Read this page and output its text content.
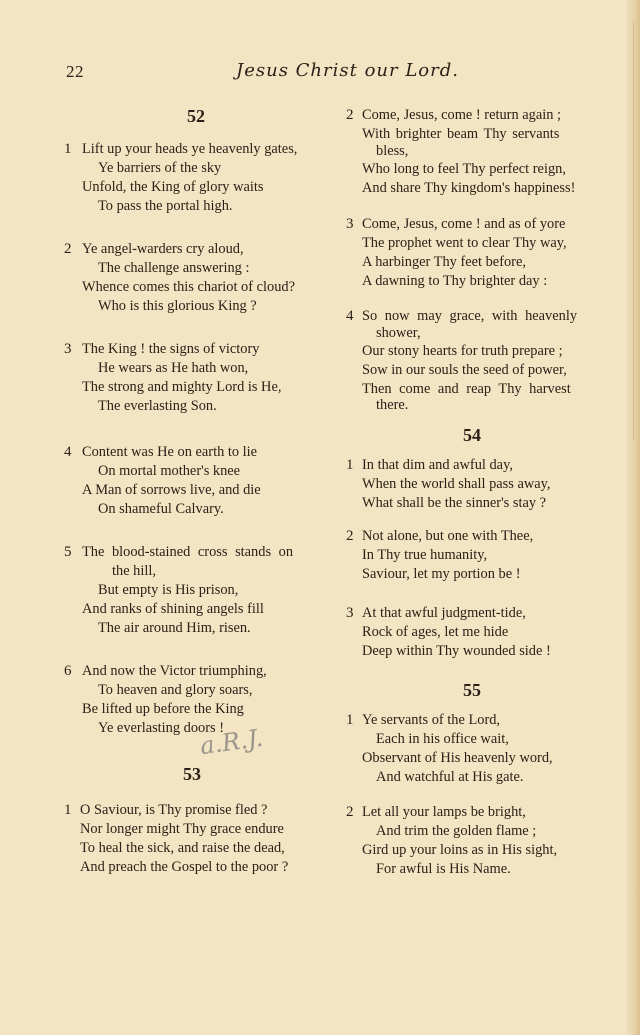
22	Jesus Christ our Lord.
52
1 Lift up your heads ye heavenly gates,
Ye barriers of the sky
Unfold, the King of glory waits
To pass the portal high.
2 Ye angel-warders cry aloud,
The challenge answering :
Whence comes this chariot of cloud?
Who is this glorious King ?
3 The King ! the signs of victory
He wears as He hath won,
The strong and mighty Lord is He,
The everlasting Son.
4 Content was He on earth to lie
On mortal mother's knee
A Man of sorrows live, and die
On shameful Calvary.
5 The blood-stained cross stands on
the hill,
But empty is His prison,
And ranks of shining angels fill
The air around Him, risen.
6 And now the Victor triumphing,
To heaven and glory soars,
Be lifted up before the King
Ye everlasting doors !
53
1 O Saviour, is Thy promise fled ?
Nor longer might Thy grace endure
To heal the sick, and raise the dead,
And preach the Gospel to the poor ?
a.R.J.
2 Come, Jesus, come ! return again ;
With brighter beam Thy servants
bless,
Who long to feel Thy perfect reign,
And share Thy kingdom's happiness!
3 Come, Jesus, come ! and as of yore
The prophet went to clear Thy way,
A harbinger Thy feet before,
A dawning to Thy brighter day :
4 So now may grace, with heavenly
shower,
Our stony hearts for truth prepare ;
Sow in our souls the seed of power,
Then come and reap Thy harvest
there.
54
1 In that dim and awful day,
When the world shall pass away,
What shall be the sinner's stay ?
2 Not alone, but one with Thee,
In Thy true humanity,
Saviour, let my portion be !
3 At that awful judgment-tide,
Rock of ages, let me hide
Deep within Thy wounded side !
55
1 Ye servants of the Lord,
Each in his office wait,
Observant of His heavenly word,
And watchful at His gate.
2 Let all your lamps be bright,
And trim the golden flame ;
Gird up your loins as in His sight,
For awful is His Name.
